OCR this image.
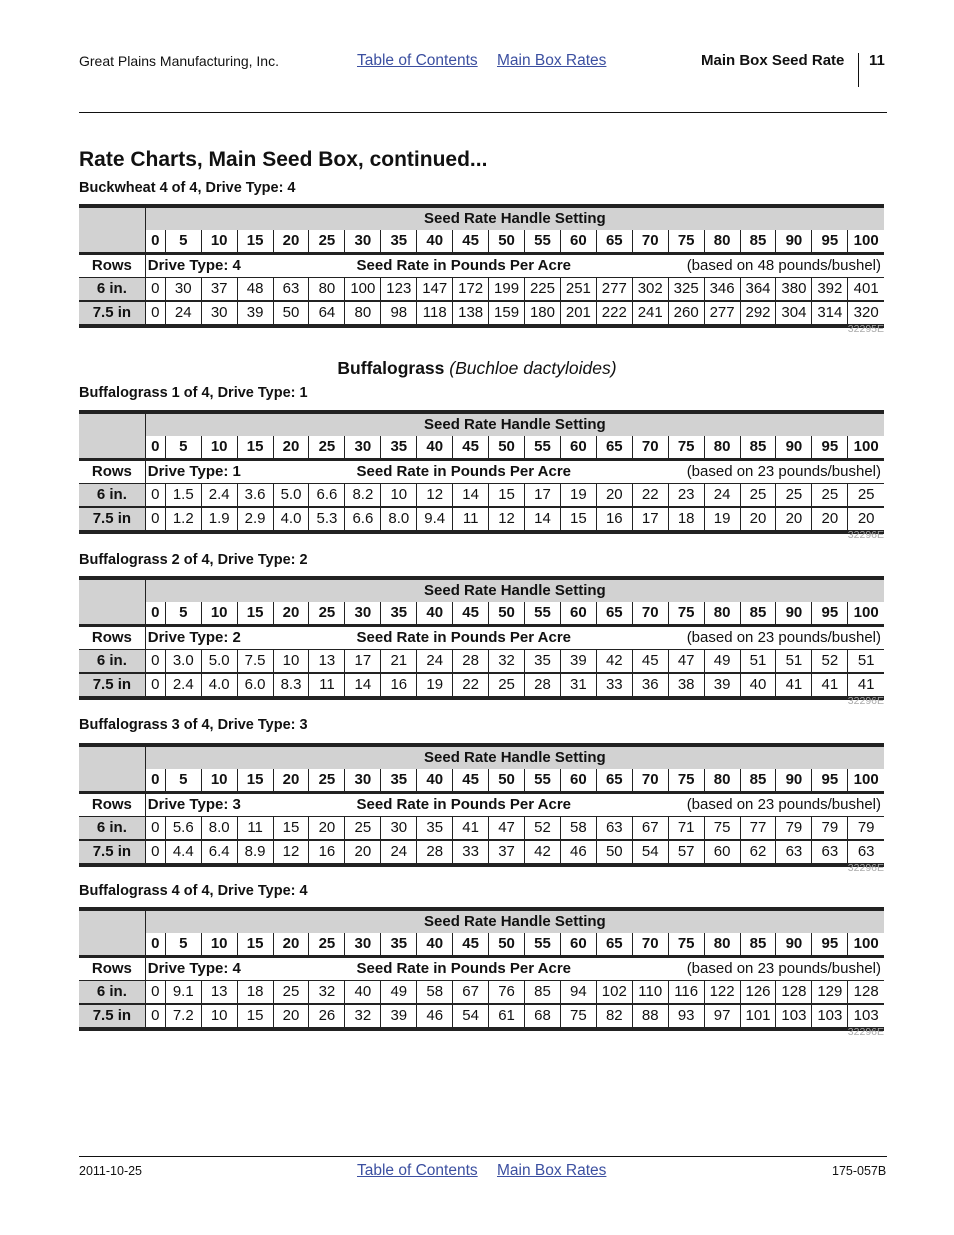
Great Plains Manufacturing, Inc.	Table of Contents Main Box Rates	Main Box Seed Rate 11
Rate Charts, Main Seed Box, continued...
Buckwheat 4 of 4, Drive Type: 4
Buffalograss (Buchloe dactyloides)
Buffalograss 1 of 4, Drive Type: 1
Buffalograss 2 of 4, Drive Type: 2
Buffalograss 3 of 4, Drive Type: 3
Buffalograss 4 of 4, Drive Type: 4
	Seed Rate Handle Setting																				
	0	5	10	15	20	25	30	35	40	45	50	55	60	65	70	75	80	85	90	95	100
Rows	Drive Type: 4 Seed Rate in Pounds Per Acre (based on 48 pounds/bushel)																				

6 in.	0	30	37	48	63	80	100	123	147	172	199	225	251	277	302	325	346	364	380	392	401
7.5 in	0	24	30	39	50	64	80	98	118	138	159	180	201	222	241	260	277	292	304	314	320
32295E
	Seed Rate Handle Setting																				
	0	5	10	15	20	25	30	35	40	45	50	55	60	65	70	75	80	85	90	95	100
Rows	Drive Type: 1 Seed Rate in Pounds Per Acre (based on 23 pounds/bushel)																				

6 in.	0	1.5	2.4	3.6	5.0	6.6	8.2	10	12	14	15	17	19	20	22	23	24	25	25	25	25
7.5 in	0	1.2	1.9	2.9	4.0	5.3	6.6	8.0	9.4	11	12	14	15	16	17	18	19	20	20	20	20
32296E
	Seed Rate Handle Setting																				
	0	5	10	15	20	25	30	35	40	45	50	55	60	65	70	75	80	85	90	95	100
Rows	Drive Type: 2 Seed Rate in Pounds Per Acre (based on 23 pounds/bushel)																				

6 in.	0	3.0	5.0	7.5	10	13	17	21	24	28	32	35	39	42	45	47	49	51	51	52	51
7.5 in	0	2.4	4.0	6.0	8.3	11	14	16	19	22	25	28	31	33	36	38	39	40	41	41	41
32296E
	Seed Rate Handle Setting																				
	0	5	10	15	20	25	30	35	40	45	50	55	60	65	70	75	80	85	90	95	100
Rows	Drive Type: 3 Seed Rate in Pounds Per Acre (based on 23 pounds/bushel)																				

6 in.	0	5.6	8.0	11	15	20	25	30	35	41	47	52	58	63	67	71	75	77	79	79	79
7.5 in	0	4.4	6.4	8.9	12	16	20	24	28	33	37	42	46	50	54	57	60	62	63	63	63
32296E
	Seed Rate Handle Setting																				
	0	5	10	15	20	25	30	35	40	45	50	55	60	65	70	75	80	85	90	95	100
Rows	Drive Type: 4 Seed Rate in Pounds Per Acre (based on 23 pounds/bushel)																				

6 in.	0	9.1	13	18	25	32	40	49	58	67	76	85	94	102	110	116	122	126	128	129	128
7.5 in	0	7.2	10	15	20	26	32	39	46	54	61	68	75	82	88	93	97	101	103	103	103
32296E
2011-10-25	Table of Contents Main Box Rates	175-057B
